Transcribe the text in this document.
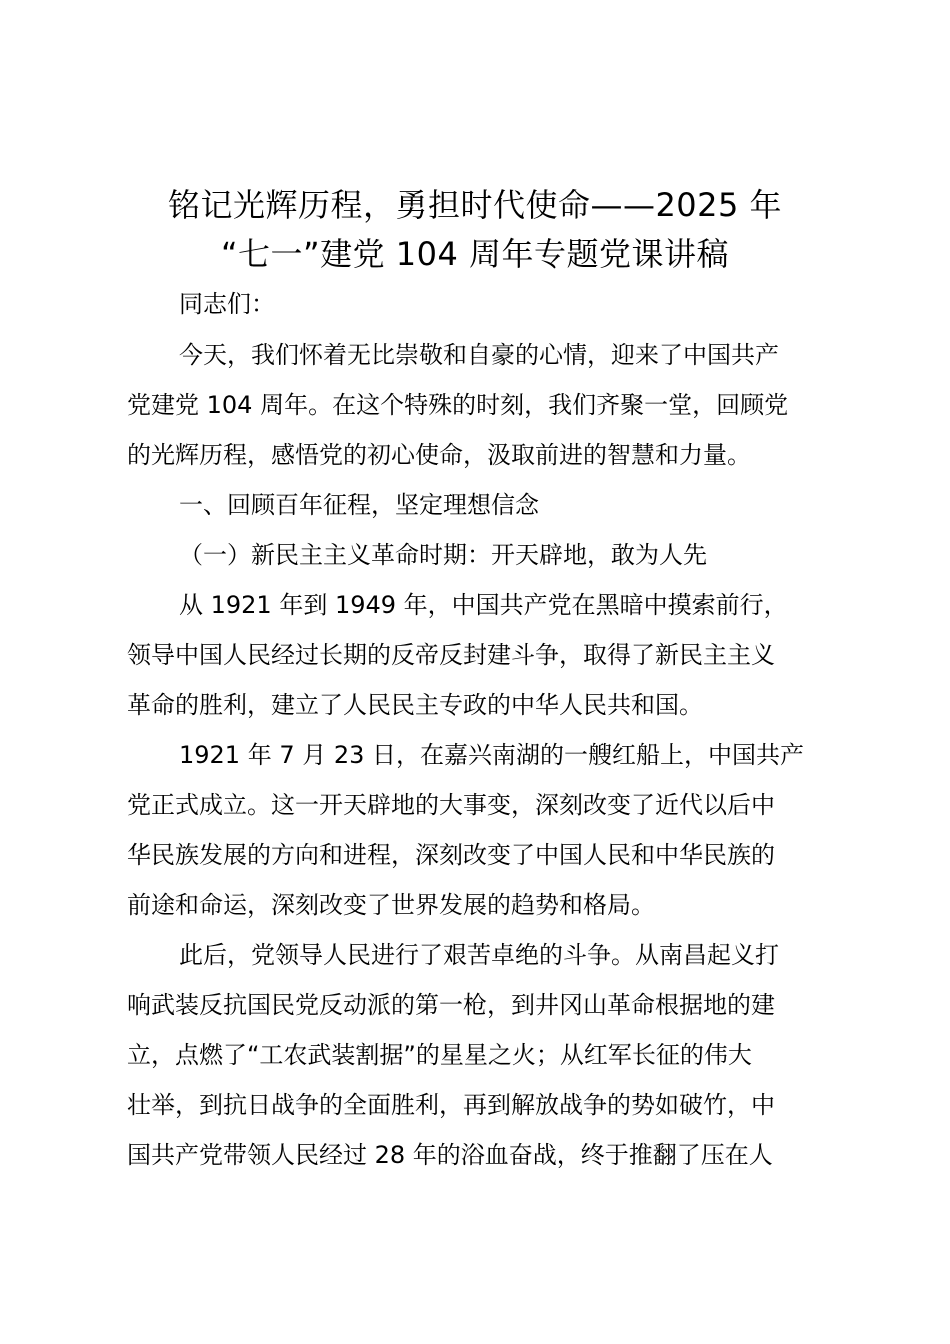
铭记光辉历程，勇担时代使命——2025 年
“七一”建党 104 周年专题党课讲稿
同志们：
今天，我们怀着无比崇敬和自豪的心情，迎来了中国共产
党建党 104 周年。在这个特殊的时刻，我们齐聚一堂，回顾党
的光辉历程，感悟党的初心使命，汲取前进的智慧和力量。
一、回顾百年征程，坚定理想信念
（一）新民主主义革命时期：开天辟地，敢为人先
从 1921 年到 1949 年，中国共产党在黑暗中摸索前行，
领导中国人民经过长期的反帝反封建斗争，取得了新民主主义
革命的胜利，建立了人民民主专政的中华人民共和国。
1921 年 7 月 23 日，在嘉兴南湖的一艘红船上，中国共产
党正式成立。这一开天辟地的大事变，深刻改变了近代以后中
华民族发展的方向和进程，深刻改变了中国人民和中华民族的
前途和命运，深刻改变了世界发展的趋势和格局。
此后，党领导人民进行了艰苦卓绝的斗争。从南昌起义打
响武装反抗国民党反动派的第一枪，到井冈山革命根据地的建
立，点燃了“工农武装割据”的星星之火；从红军长征的伟大
壮举，到抗日战争的全面胜利，再到解放战争的势如破竹，中
国共产党带领人民经过 28 年的浴血奋战，终于推翻了压在人
